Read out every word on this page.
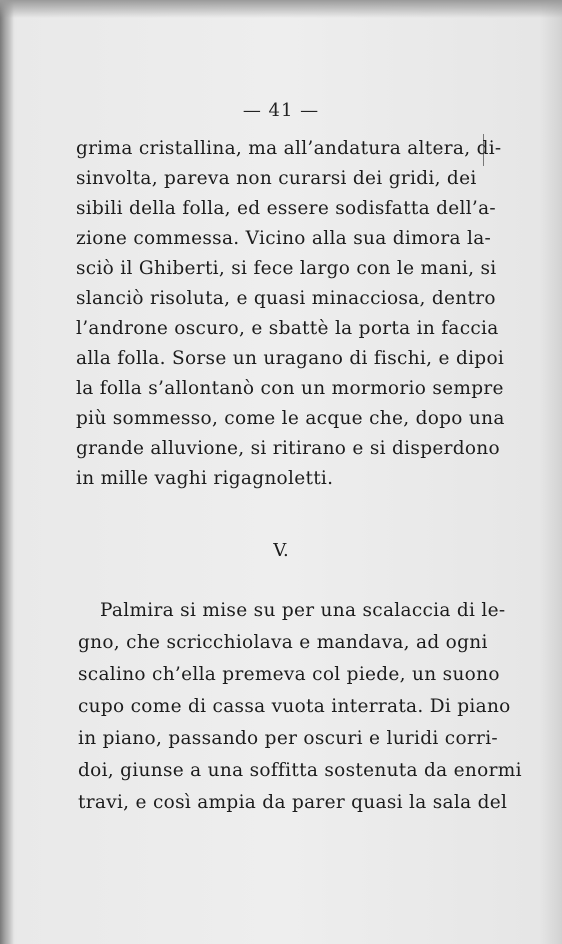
— 41 —
grima cristallina, ma all’andatura altera, di-
sinvolta, pareva non curarsi dei gridi, dei
sibili della folla, ed essere sodisfatta dell’a-
zione commessa. Vicino alla sua dimora la-
sciò il Ghiberti, si fece largo con le mani, si
slanciò risoluta, e quasi minacciosa, dentro
l’androne oscuro, e sbattè la porta in faccia
alla folla. Sorse un uragano di fischi, e dipoi
la folla s’allontanò con un mormorio sempre
più sommesso, come le acque che, dopo una
grande alluvione, si ritirano e si disperdono
in mille vaghi rigagnoletti.
V.
Palmira si mise su per una scalaccia di le-
gno, che scricchiolava e mandava, ad ogni
scalino ch’ella premeva col piede, un suono
cupo come di cassa vuota interrata. Di piano
in piano, passando per oscuri e luridi corri-
doi, giunse a una soffitta sostenuta da enormi
travi, e così ampia da parer quasi la sala del
